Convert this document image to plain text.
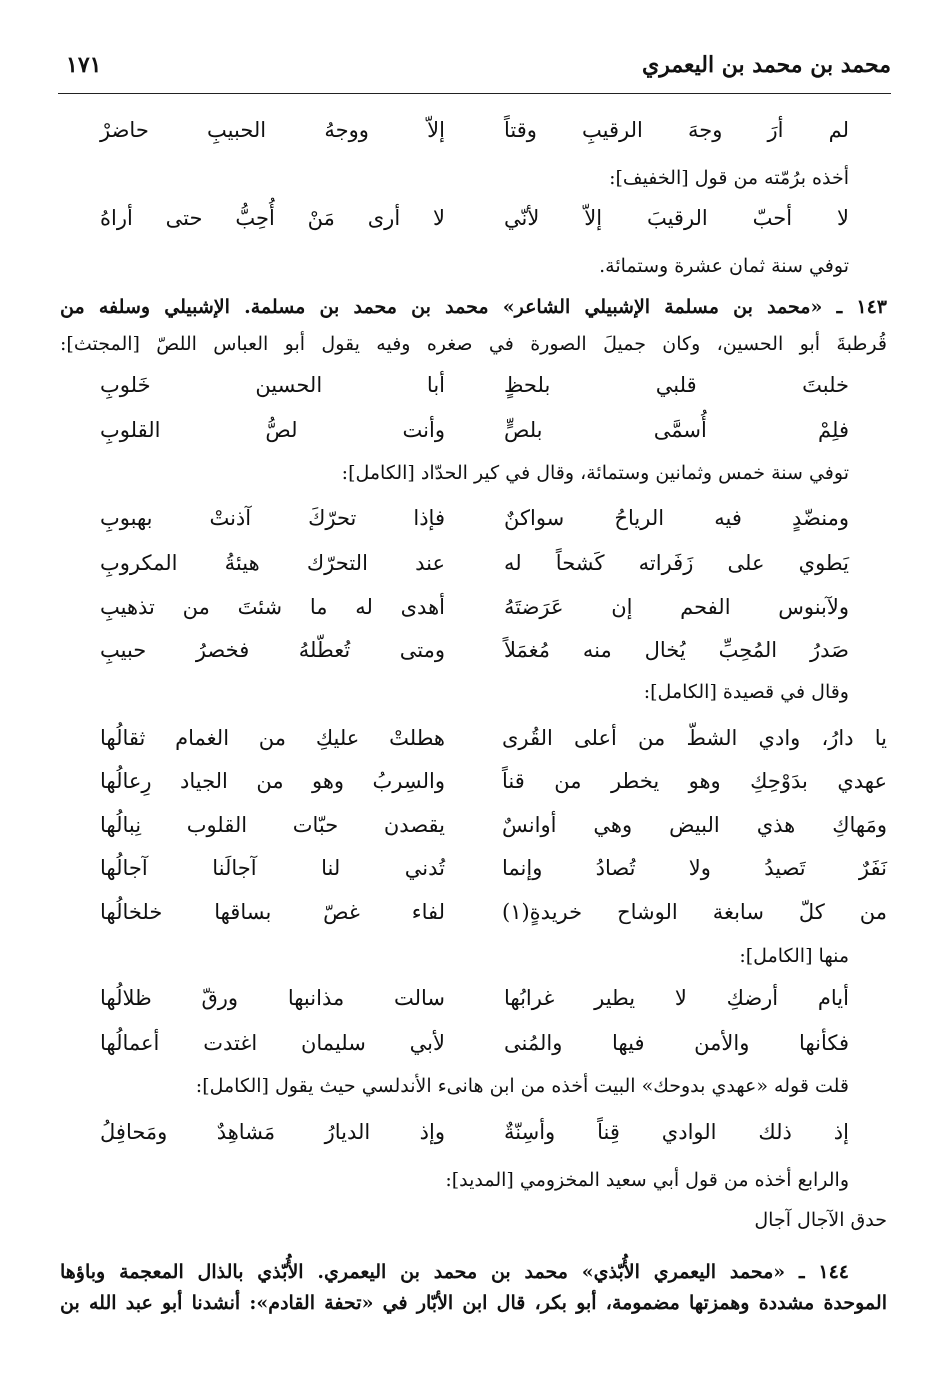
محمد بن محمد بن اليعمري
١٧١
لم أرَ وجهَ الرقيبِ وقتاً
إلاّ ووجهُ الحبيبِ حاضرْ
أخذه برُمّته من قول [الخفيف]:
لا أحبّ الرقيبَ إلاّ لأنّي
لا أرى مَنْ أُحِبُّ حتى أراهُ
توفي سنة ثمان عشرة وستمائة.
١٤٣ ـ «محمد بن مسلمة الإشبيلي الشاعر» محمد بن محمد بن مسلمة. الإشبيلي وسلفه من
قُرطبةَ أبو الحسين، وكان جميلَ الصورة في صغره وفيه يقول أبو العباس اللصّ [المجتث]:
خلبتَ قلبي بلحظٍ
أبا الحسين خَلوبِ
فلِمْ أُسمَّى بلصٍّ
وأنت لصُّ القلوبِ
توفي سنة خمس وثمانين وستمائة، وقال في كير الحدّاد [الكامل]:
ومنضّدٍ فيه الرياحُ سواكنٌ
فإذا تحرّكَ آذنتْ بهبوبِ
يَطوي على زَفَراته كَشحاً له
عند التحرّك هيئةُ المكروبِ
ولآبنوس الفحم إن عَرَضتَهُ
أهدى له ما شئتَ من تذهيبِ
صَدرُ المُحِبِّ يُخال منه مُغمَلاً
ومتى تُعطّلهُ فخصرُ حبيبِ
وقال في قصيدة [الكامل]:
يا دارُ، وادي الشطّ من أعلى القُرى
هطلتْ عليكِ من الغمام ثقالُها
عهدي بدَوْحِكِ وهو يخطر من قناً
والسِربُ وهو من الجياد رِعالُها
ومَهاكِ هذي البيض وهي أوانسٌ
يقصدن حبّات القلوب نِبالُها
نَفَرٌ تَصيدُ ولا تُصادُ وإنما
تُدني لنا آجالَنا آجالُها
من كلّ سابغة الوشاح خريدةٍ(١)
لفاء غصّ بساقها خلخالُها
منها [الكامل]:
أيام أرضكِ لا يطير غرابُها
سالت مذانبها ورقّ ظلالُها
فكأنها والأمن فيها والمُنى
لأبي سليمان اغتدت أعمالُها
قلت قوله «عهدي بدوحك» البيت أخذه من ابن هانىء الأندلسي حيث يقول [الكامل]:
إذ ذلك الوادي قِناً وأسِنّةٌ
وإذ الديارُ مَشاهِدٌ ومَحافِلُ
والرابع أخذه من قول أبي سعيد المخزومي [المديد]:
حدق الآجال آجال
١٤٤ ـ «محمد اليعمري الأُبّذي» محمد بن محمد بن اليعمري. الأُبّذي بالذال المعجمة وباؤها
الموحدة مشددة وهمزتها مضمومة، أبو بكر، قال ابن الأبّار في «تحفة القادم»: أنشدنا أبو عبد الله بن
